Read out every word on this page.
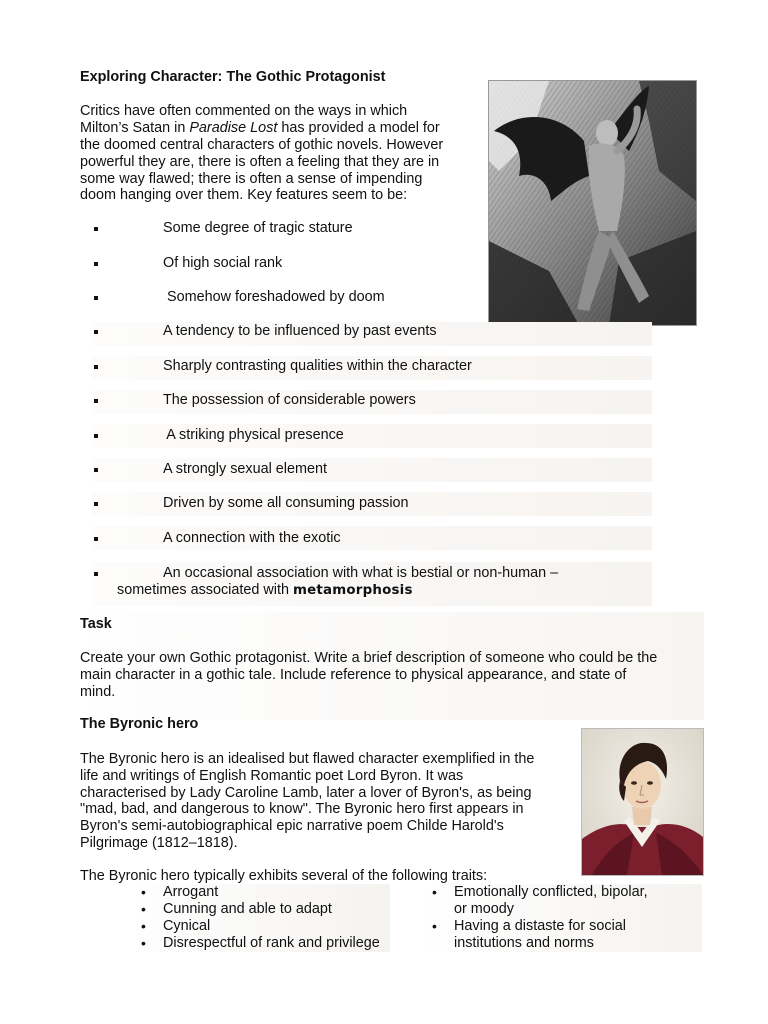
Exploring Character: The Gothic Protagonist
Critics have often commented on the ways in which
Milton’s Satan in Paradise Lost has provided a model for
the doomed central characters of gothic novels. However
powerful they are, there is often a feeling that they are in
some way flawed; there is often a sense of impending
doom hanging over them. Key features seem to be:
Some degree of tragic stature
Of high social rank
Somehow foreshadowed by doom
A tendency to be influenced by past events
Sharply contrasting qualities within the character
The possession of considerable powers
A striking physical presence
A strongly sexual element
Driven by some all consuming passion
A connection with the exotic
An occasional association with what is bestial or non-human –
sometimes associated with metamorphosis
Task
Create your own Gothic protagonist. Write a brief description of someone who could be the
main character in a gothic tale. Include reference to physical appearance, and state of
mind.
The Byronic hero
The Byronic hero is an idealised but flawed character exemplified in the
life and writings of English Romantic poet Lord Byron. It was
characterised by Lady Caroline Lamb, later a lover of Byron's, as being
"mad, bad, and dangerous to know". The Byronic hero first appears in
Byron's semi-autobiographical epic narrative poem Childe Harold's
Pilgrimage (1812–1818).
The Byronic hero typically exhibits several of the following traits:
• Arrogant
• Cunning and able to adapt
• Cynical
• Disrespectful of rank and privilege
• Emotionally conflicted, bipolar,
or moody
• Having a distaste for social
institutions and norms
